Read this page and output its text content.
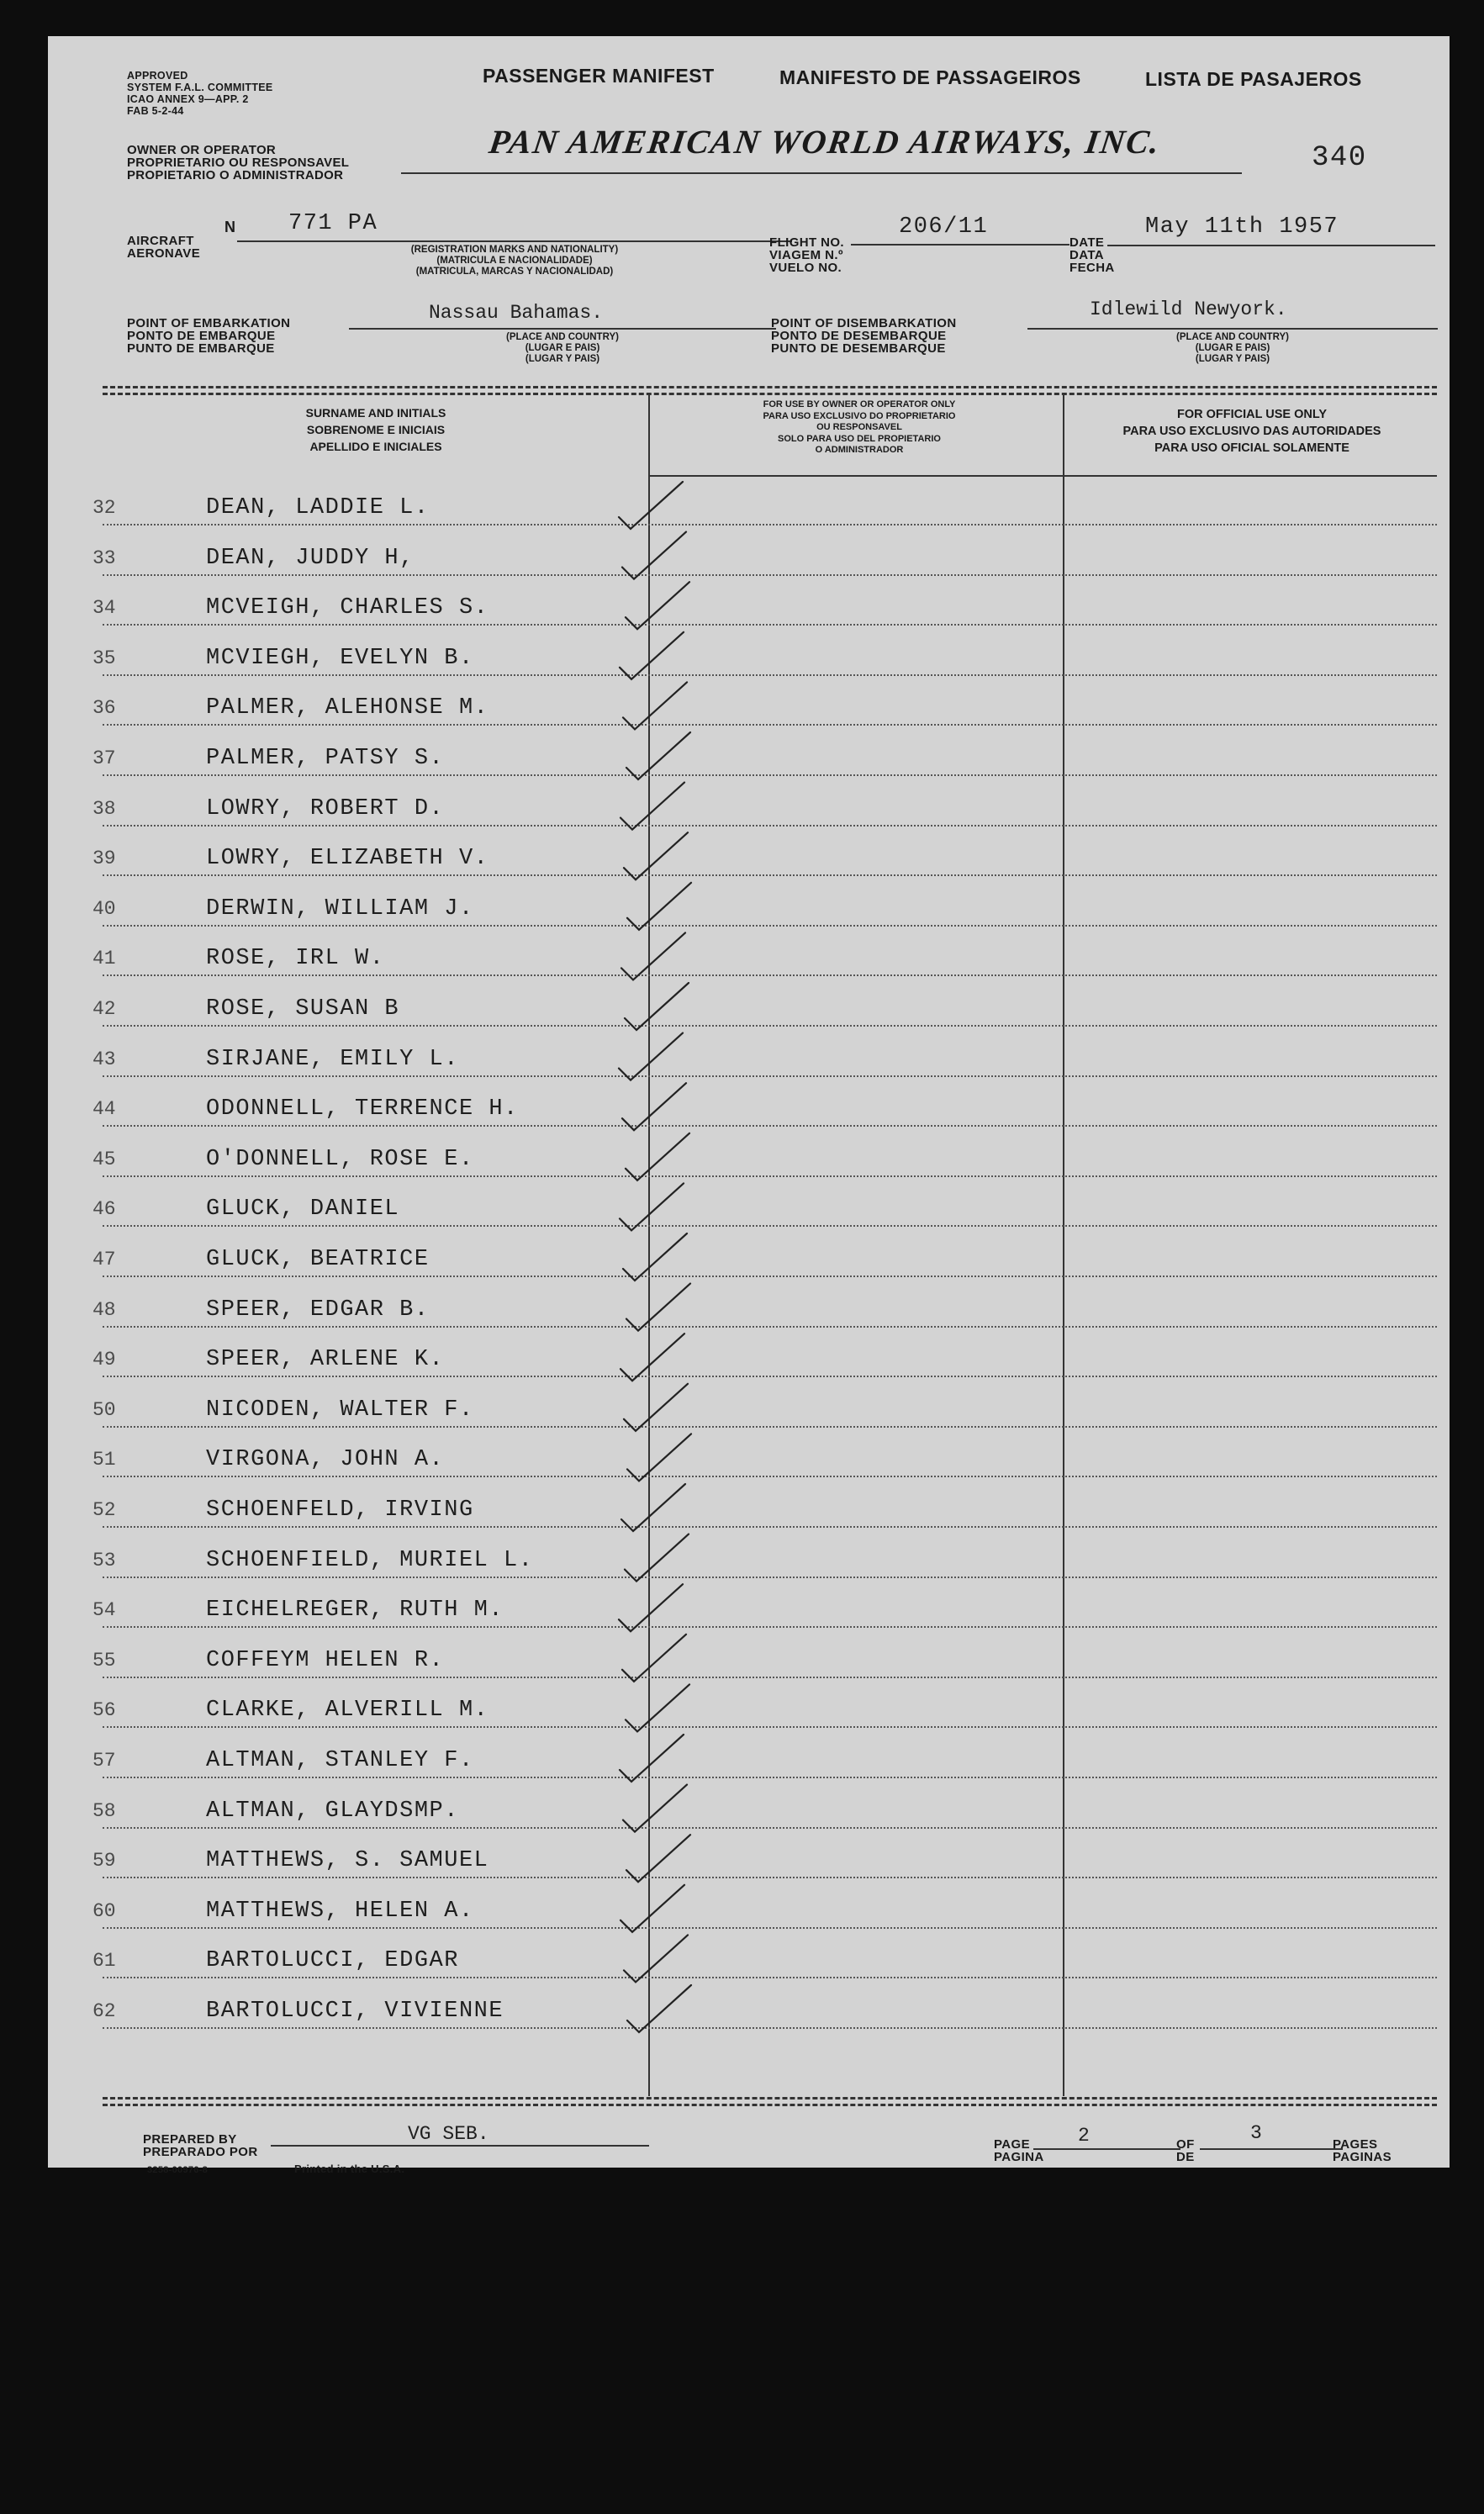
APPROVED
SYSTEM F.A.L. COMMITTEE
ICAO ANNEX 9—APP. 2
FAB 5-2-44
PASSENGER MANIFEST	MANIFESTO DE PASSAGEIROS	LISTA DE PASAJEROS
OWNER OR OPERATOR
PROPRIETARIO OU RESPONSAVEL
PROPIETARIO O ADMINISTRADOR
PAN AMERICAN WORLD AIRWAYS, INC.	340
AIRCRAFT
AERONAVE
N 771 PA
(REGISTRATION MARKS AND NATIONALITY)
(MATRICULA E NACIONALIDADE)
(MATRICULA, MARCAS Y NACIONALIDAD)
FLIGHT NO.
VIAGEM N.º
VUELO NO.
206/11
DATE
DATA
FECHA
May 11th 1957
POINT OF EMBARKATION
PONTO DE EMBARQUE
PUNTO DE EMBARQUE
Nassau Bahamas.
(PLACE AND COUNTRY)
(LUGAR E PAIS)
(LUGAR Y PAIS)
POINT OF DISEMBARKATION
PONTO DE DESEMBARQUE
PUNTO DE DESEMBARQUE
Idlewild Newyork.
(PLACE AND COUNTRY)
(LUGAR E PAIS)
(LUGAR Y PAIS)
SURNAME AND INITIALS
SOBRENOME E INICIAIS
APELLIDO E INICIALES
FOR USE BY OWNER OR OPERATOR ONLY
PARA USO EXCLUSIVO DO PROPRIETARIO
OU RESPONSAVEL
SOLO PARA USO DEL PROPIETARIO
O ADMINISTRADOR
FOR OFFICIAL USE ONLY
PARA USO EXCLUSIVO DAS AUTORIDADES
PARA USO OFICIAL SOLAMENTE
32	DEAN, LADDIE L.
33	DEAN, JUDDY H,
34	MCVEIGH, CHARLES S.
35	MCVIEGH, EVELYN B.
36	PALMER, ALEHONSE M.
37	PALMER, PATSY S.
38	LOWRY, ROBERT D.
39	LOWRY, ELIZABETH V.
40	DERWIN, WILLIAM J.
41	ROSE, IRL W.
42	ROSE, SUSAN B
43	SIRJANE, EMILY L.
44	ODONNELL, TERRENCE H.
45	O'DONNELL, ROSE E.
46	GLUCK, DANIEL
47	GLUCK, BEATRICE
48	SPEER, EDGAR B.
49	SPEER, ARLENE K.
50	NICODEN, WALTER F.
51	VIRGONA, JOHN A.
52	SCHOENFELD, IRVING
53	SCHOENFIELD, MURIEL L.
54	EICHELREGER, RUTH M.
55	COFFEYM HELEN R.
56	CLARKE, ALVERILL M.
57	ALTMAN, STANLEY F.
58	ALTMAN, GLAYDSMP.
59	MATTHEWS, S. SAMUEL
60	MATTHEWS, HELEN A.
61	BARTOLUCCI, EDGAR
62	BARTOLUCCI, VIVIENNE
PREPARED BY
PREPARADO POR
VG SEB.
3258-00976-8	Printed in the U.S.A.
PAGE
PAGINA
2	OF
DE
3
PAGES
PAGINAS
